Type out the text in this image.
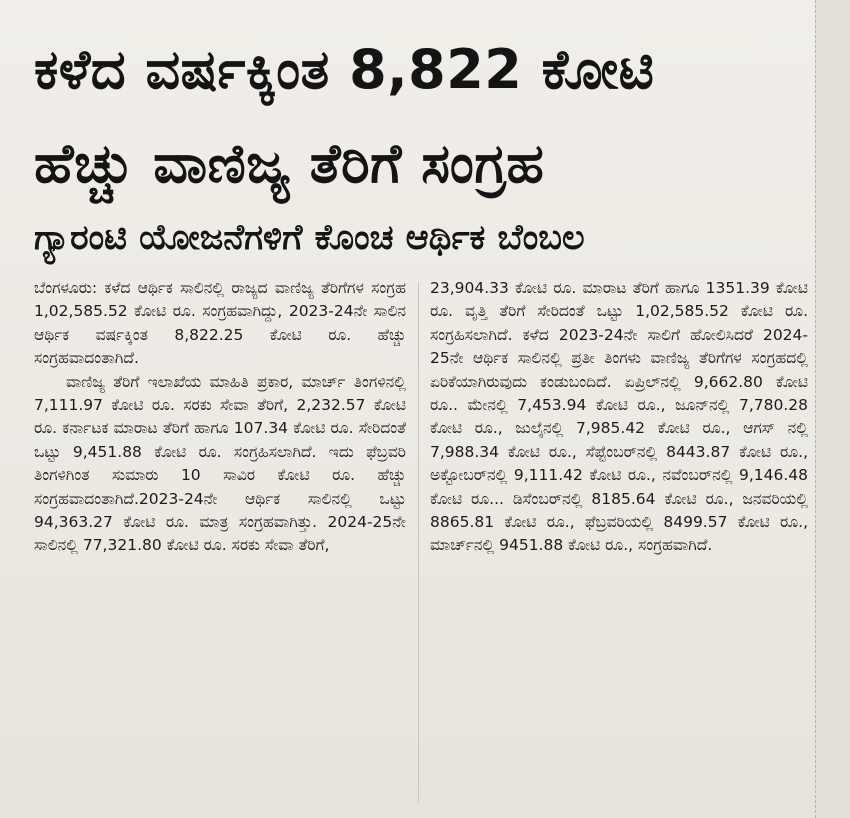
ಕಳೆದ ವರ್ಷಕ್ಕಿಂತ 8,822 ಕೋಟಿ
ಹೆಚ್ಚು ವಾಣಿಜ್ಯ ತೆರಿಗೆ ಸಂಗ್ರಹ
ಗ್ಯಾರಂಟಿ ಯೋಜನೆಗಳಿಗೆ ಕೊಂಚ ಆರ್ಥಿಕ ಬೆಂಬಲ

ಬೆಂಗಳೂರು: ಕಳೆದ ಆರ್ಥಿಕ ಸಾಲಿನಲ್ಲಿ ರಾಜ್ಯದ ವಾಣಿಜ್ಯ ತೆರಿಗೆಗಳ ಸಂಗ್ರಹ 1,02,585.52 ಕೋಟಿ ರೂ. ಸಂಗ್ರಹವಾಗಿದ್ದು, 2023-24ನೇ ಸಾಲಿನ ಆರ್ಥಿಕ ವರ್ಷಕ್ಕಿಂತ 8,822.25 ಕೋಟಿ ರೂ. ಹೆಚ್ಚು ಸಂಗ್ರಹವಾದಂತಾಗಿದೆ.

ವಾಣಿಜ್ಯ ತೆರಿಗೆ ಇಲಾಖೆಯ ಮಾಹಿತಿ ಪ್ರಕಾರ, ಮಾರ್ಚ್ ತಿಂಗಳಿನಲ್ಲಿ 7,111.97 ಕೋಟಿ ರೂ. ಸರಕು ಸೇವಾ ತೆರಿಗೆ, 2,232.57 ಕೋಟಿ ರೂ. ಕರ್ನಾಟಕ ಮಾರಾಟ ತೆರಿಗೆ ಹಾಗೂ 107.34 ಕೋಟಿ ರೂ. ಸೇರಿದಂತೆ ಒಟ್ಟು 9,451.88 ಕೋಟಿ ರೂ. ಸಂಗ್ರಹಿಸಲಾಗಿದೆ. ಇದು ಫೆಬ್ರವರಿ ತಿಂಗಳಿಗಿಂತ ಸುಮಾರು 10 ಸಾವಿರ ಕೋಟಿ ರೂ. ಹೆಚ್ಚು ಸಂಗ್ರಹವಾದಂತಾಗಿದೆ.2023-24ನೇ ಆರ್ಥಿಕ ಸಾಲಿನಲ್ಲಿ ಒಟ್ಟು 94,363.27 ಕೋಟಿ ರೂ. ಮಾತ್ರ ಸಂಗ್ರಹವಾಗಿತ್ತು. 2024-25ನೇ ಸಾಲಿನಲ್ಲಿ 77,321.80 ಕೋಟಿ ರೂ. ಸರಕು ಸೇವಾ ತೆರಿಗೆ,

23,904.33 ಕೋಟಿ ರೂ. ಮಾರಾಟ ತೆರಿಗೆ ಹಾಗೂ 1351.39 ಕೋಟಿ ರೂ. ವೃತ್ತಿ ತೆರಿಗೆ ಸೇರಿದಂತೆ ಒಟ್ಟು 1,02,585.52 ಕೋಟಿ ರೂ. ಸಂಗ್ರಹಿಸಲಾಗಿದೆ. ಕಳೆದ 2023-24ನೇ ಸಾಲಿಗೆ ಹೋಲಿಸಿದರೆ 2024-25ನೇ ಆರ್ಥಿಕ ಸಾಲಿನಲ್ಲಿ ಪ್ರತೀ ತಿಂಗಳು ವಾಣಿಜ್ಯ ತೆರಿಗೆಗಳ ಸಂಗ್ರಹದಲ್ಲಿ ಏರಿಕೆಯಾಗಿರುವುದು ಕಂಡುಬಂದಿದೆ. ಏಪ್ರಿಲ್‌ನಲ್ಲಿ 9,662.80 ಕೋಟಿ ರೂ.. ಮೇನಲ್ಲಿ 7,453.94 ಕೋಟಿ ರೂ., ಜೂನ್‌ನಲ್ಲಿ 7,780.28 ಕೋಟಿ ರೂ., ಜುಲೈನಲ್ಲಿ 7,985.42 ಕೋಟಿ ರೂ., ಆಗಸ್ ನಲ್ಲಿ 7,988.34 ಕೋಟಿ ರೂ., ಸೆಪ್ಟೆಂಬರ್‌ನಲ್ಲಿ 8443.87 ಕೋಟಿ ರೂ., ಅಕ್ಟೋಬರ್‌ನಲ್ಲಿ 9,111.42 ಕೋಟಿ ರೂ., ನವೆಂಬರ್‌ನಲ್ಲಿ 9,146.48 ಕೋಟಿ ರೂ... ಡಿಸೆಂಬರ್‌ನಲ್ಲಿ 8185.64 ಕೋಟಿ ರೂ., ಜನವರಿಯಲ್ಲಿ 8865.81 ಕೋಟಿ ರೂ., ಫೆಬ್ರವರಿಯಲ್ಲಿ 8499.57 ಕೋಟಿ ರೂ., ಮಾರ್ಚ್‌ನಲ್ಲಿ 9451.88 ಕೋಟಿ ರೂ., ಸಂಗ್ರಹವಾಗಿದೆ.
